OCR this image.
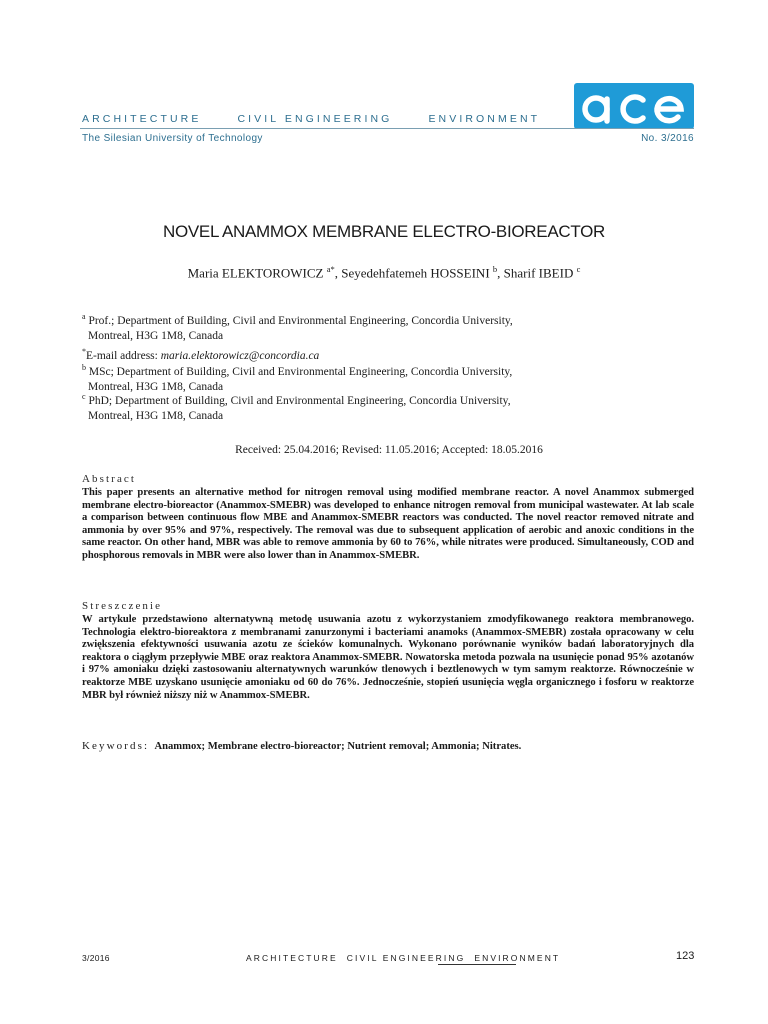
ARCHITECTURE	CIVIL ENGINEERING	ENVIRONMENT
The Silesian University of Technology	No. 3/2016
NOVEL ANAMMOX MEMBRANE ELECTRO-BIOREACTOR
Maria ELEKTOROWICZ $^{a*}$, Seyedehfatemeh HOSSEINI $^b$, Sharif IBEID $^c$
$^a$ Prof.; Department of Building, Civil and Environmental Engineering, Concordia University,
Montreal, H3G 1M8, Canada
*E-mail address: maria.elektorowicz@concordia.ca
$^b$ MSc; Department of Building, Civil and Environmental Engineering, Concordia University,
Montreal, H3G 1M8, Canada
$^c$ PhD; Department of Building, Civil and Environmental Engineering, Concordia University,
Montreal, H3G 1M8, Canada
Received: 25.04.2016; Revised: 11.05.2016; Accepted: 18.05.2016
Abstract
This paper presents an alternative method for nitrogen removal using modified membrane reactor. A novel Anammox submerged membrane electro-bioreactor (Anammox-SMEBR) was developed to enhance nitrogen removal from municipal wastewater. At lab scale a comparison between continuous flow MBE and Anammox-SMEBR reactors was conducted. The novel reactor removed nitrate and ammonia by over 95% and 97%, respectively. The removal was due to subsequent application of aerobic and anoxic conditions in the same reactor. On other hand, MBR was able to remove ammonia by 60 to 76%, while nitrates were produced. Simultaneously, COD and phosphorous removals in MBR were also lower than in Anammox-SMEBR.
Streszczenie
W artykule przedstawiono alternatywną metodę usuwania azotu z wykorzystaniem zmodyfikowanego reaktora membranowego. Technologia elektro-bioreaktora z membranami zanurzonymi i bacteriami anamoks (Anammox-SMEBR) została opracowany w celu zwiększenia efektywności usuwania azotu ze ścieków komunalnych. Wykonano porównanie wyników badań laboratoryjnych dla reaktora o ciągłym przepływie MBE oraz reaktora Anammox-SMEBR. Nowatorska metoda pozwala na usunięcie ponad 95% azotanów i 97% amoniaku dzięki zastosowaniu alternatywnych warunków tlenowych i beztlenowych w tym samym reaktorze. Równocześnie w reaktorze MBE uzyskano usunięcie amoniaku od 60 do 76%. Jednocześnie, stopień usunięcia węgla organicznego i fosforu w reaktorze MBR był również niższy niż w Anammox-SMEBR.
Keywords: Anammox; Membrane electro-bioreactor; Nutrient removal; Ammonia; Nitrates.
3/2016	ARCHITECTURE CIVIL ENGINEERING ENVIRONMENT	123
